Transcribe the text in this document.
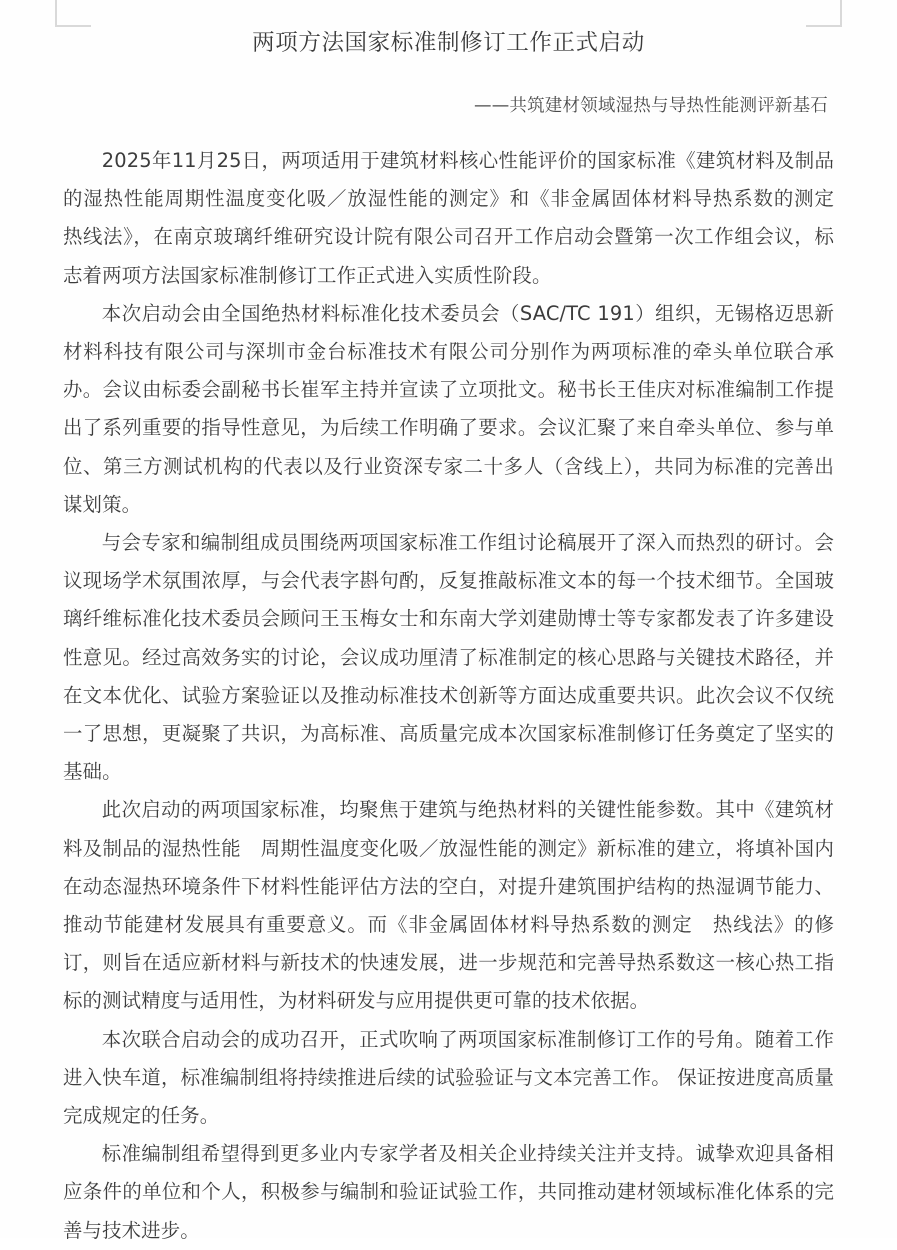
两项方法国家标准制修订工作正式启动
——共筑建材领域湿热与导热性能测评新基石

2025年11月25日，两项适用于建筑材料核心性能评价的国家标准《建筑材料及制品的湿热性能周期性温度变化吸／放湿性能的测定》和《非金属固体材料导热系数的测定　热线法》，在南京玻璃纤维研究设计院有限公司召开工作启动会暨第一次工作组会议，标志着两项方法国家标准制修订工作正式进入实质性阶段。

本次启动会由全国绝热材料标准化技术委员会（SAC/TC 191）组织，无锡格迈思新材料科技有限公司与深圳市金台标准技术有限公司分别作为两项标准的牵头单位联合承办。会议由标委会副秘书长崔军主持并宣读了立项批文。秘书长王佳庆对标准编制工作提出了系列重要的指导性意见，为后续工作明确了要求。会议汇聚了来自牵头单位、参与单位、第三方测试机构的代表以及行业资深专家二十多人（含线上），共同为标准的完善出谋划策。

与会专家和编制组成员围绕两项国家标准工作组讨论稿展开了深入而热烈的研讨。会议现场学术氛围浓厚，与会代表字斟句酌，反复推敲标准文本的每一个技术细节。全国玻璃纤维标准化技术委员会顾问王玉梅女士和东南大学刘建勋博士等专家都发表了许多建设性意见。经过高效务实的讨论，会议成功厘清了标准制定的核心思路与关键技术路径，并在文本优化、试验方案验证以及推动标准技术创新等方面达成重要共识。此次会议不仅统一了思想，更凝聚了共识，为高标准、高质量完成本次国家标准制修订任务奠定了坚实的基础。

此次启动的两项国家标准，均聚焦于建筑与绝热材料的关键性能参数。其中《建筑材料及制品的湿热性能　周期性温度变化吸／放湿性能的测定》新标准的建立，将填补国内在动态湿热环境条件下材料性能评估方法的空白，对提升建筑围护结构的热湿调节能力、推动节能建材发展具有重要意义。而《非金属固体材料导热系数的测定　热线法》的修订，则旨在适应新材料与新技术的快速发展，进一步规范和完善导热系数这一核心热工指标的测试精度与适用性，为材料研发与应用提供更可靠的技术依据。

本次联合启动会的成功召开，正式吹响了两项国家标准制修订工作的号角。随着工作进入快车道，标准编制组将持续推进后续的试验验证与文本完善工作。 保证按进度高质量完成规定的任务。

标准编制组希望得到更多业内专家学者及相关企业持续关注并支持。诚挚欢迎具备相应条件的单位和个人，积极参与编制和验证试验工作，共同推动建材领域标准化体系的完善与技术进步。
